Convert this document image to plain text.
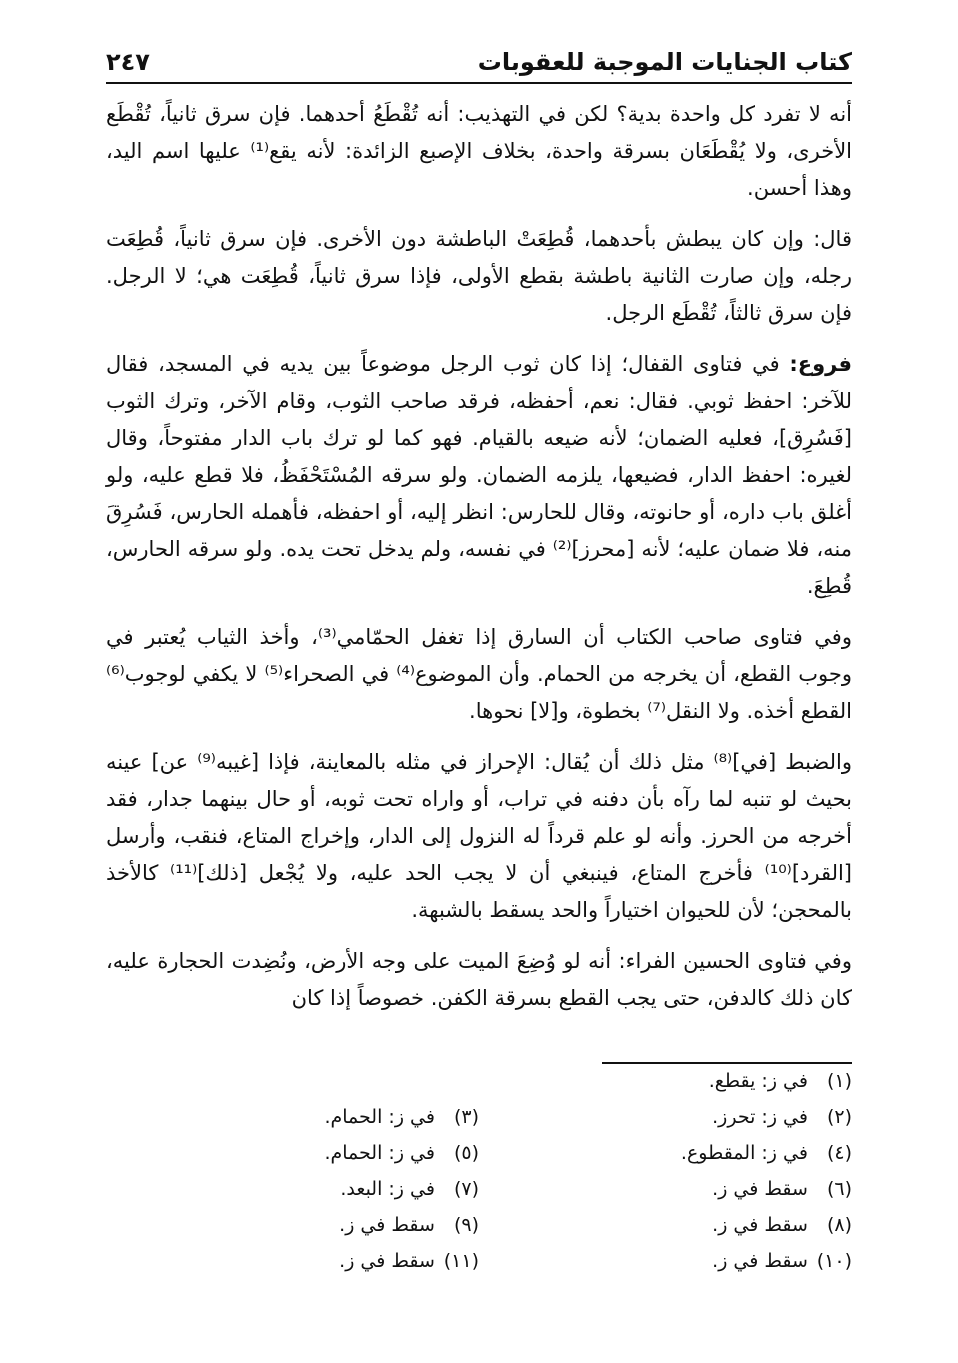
كتاب الجنايات الموجبة للعقوبات
٢٤٧

أنه لا تفرد كل واحدة بدية؟ لكن في التهذيب: أنه تُقْطَعُ أحدهما. فإن سرق ثانياً، تُقْطَع الأخرى، ولا يُقْطَعَان بسرقة واحدة، بخلاف الإصبع الزائدة: لأنه يقع⁽¹⁾ عليها اسم اليد، وهذا أحسن.

قال: وإن كان يبطش بأحدهما، قُطِعَتْ الباطشة دون الأخرى. فإن سرق ثانياً، قُطِعَت رجله، وإن صارت الثانية باطشة بقطع الأولى، فإذا سرق ثانياً، قُطِعَت هي؛ لا الرجل. فإن سرق ثالثاً، تُقْطَع الرجل.

فروع: في فتاوى القفال؛ إذا كان ثوب الرجل موضوعاً بين يديه في المسجد، فقال للآخر: احفظ ثوبي. فقال: نعم، أحفظه، فرقد صاحب الثوب، وقام الآخر، وترك الثوب [فَسُرِق]، فعليه الضمان؛ لأنه ضيعه بالقيام. فهو كما لو ترك باب الدار مفتوحاً، وقال لغيره: احفظ الدار، فضيعها، يلزمه الضمان. ولو سرقه المُسْتَحْفَظُ، فلا قطع عليه، ولو أغلق باب داره، أو حانوته، وقال للحارس: انظر إليه، أو احفظه، فأهمله الحارس، فَسُرِقَ منه، فلا ضمان عليه؛ لأنه [محرز]⁽²⁾ في نفسه، ولم يدخل تحت يده. ولو سرقه الحارس، قُطِعَ.

وفي فتاوى صاحب الكتاب أن السارق إذا تغفل الحمّامي⁽³⁾، وأخذ الثياب يُعتبر في وجوب القطع، أن يخرجه من الحمام. وأن الموضوع⁽⁴⁾ في الصحراء⁽⁵⁾ لا يكفي لوجوب⁽⁶⁾ القطع أخذه. ولا النقل⁽⁷⁾ بخطوة، و[لا] نحوها.

والضبط [في]⁽⁸⁾ مثل ذلك أن يُقال: الإحراز في مثله بالمعاينة، فإذا [غيبه⁽⁹⁾ عن] عينه بحيث لو تنبه لما رآه بأن دفنه في تراب، أو واراه تحت ثوبه، أو حال بينهما جدار، فقد أخرجه من الحرز. وأنه لو علم قرداً له النزول إلى الدار، وإخراج المتاع، فنقب، وأرسل [القرد]⁽¹⁰⁾ فأخرج المتاع، فينبغي أن لا يجب الحد عليه، ولا يُجْعل [ذلك]⁽¹¹⁾ كالأخذ بالمحجن؛ لأن للحيوان اختياراً والحد يسقط بالشبهة.

وفي فتاوى الحسين الفراء: أنه لو وُضِعَ الميت على وجه الأرض، ونُضِدت الحجارة عليه، كان ذلك كالدفن، حتى يجب القطع بسرقة الكفن. خصوصاً إذا كان

(١) في ز: يقطع.
(٢) في ز: تحرز.
(٤) في ز: المقطوع.
(٦) سقط في ز.
(٨) سقط في ز.
(١٠) سقط في ز.
(٣) في ز: الحمام.
(٥) في ز: الحمام.
(٧) في ز: البعد.
(٩) سقط في ز.
(١١) سقط في ز.
